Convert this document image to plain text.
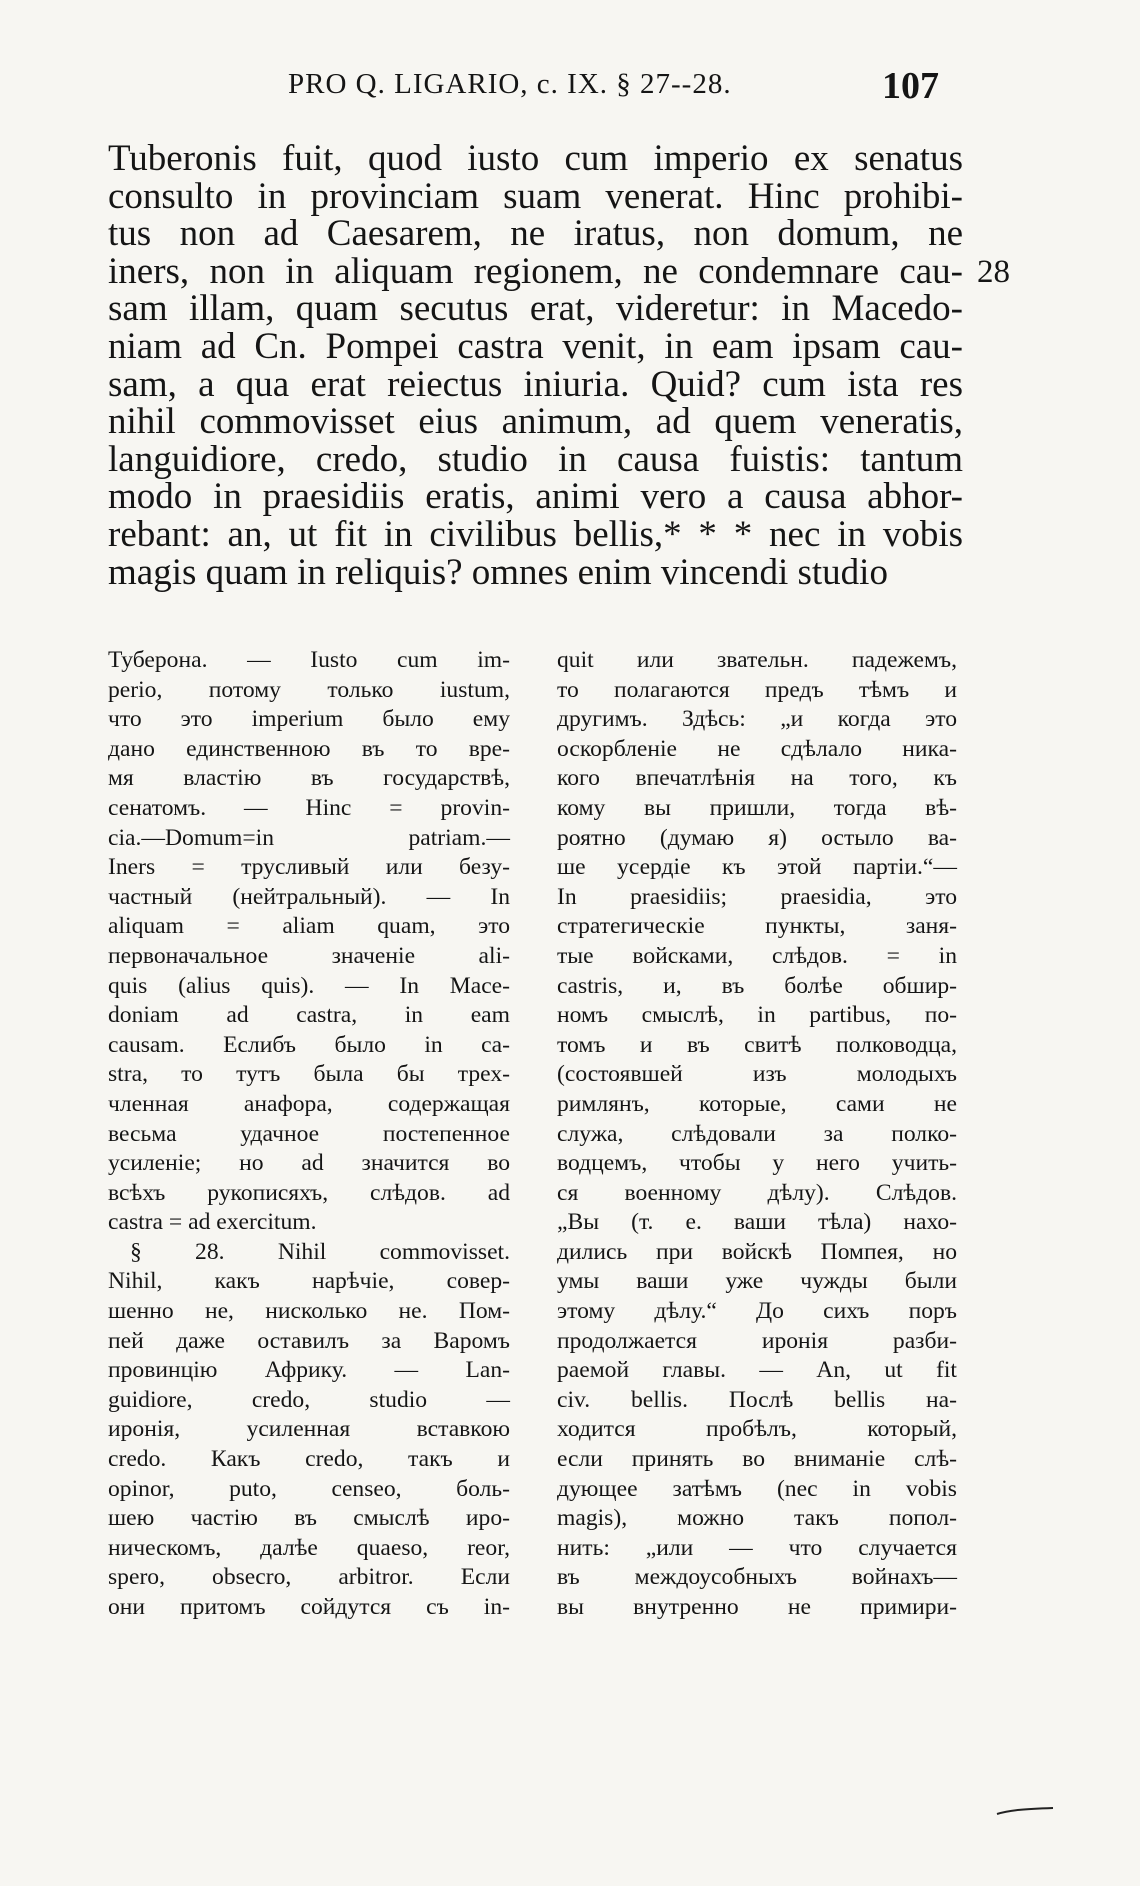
PRO Q. LIGARIO, c. IX. § 27--28.	107
Tuberonis fuit, quod iusto cum imperio ex senatus
consulto in provinciam suam venerat. Hinc prohibi-
tus non ad Caesarem, ne iratus, non domum, ne
iners, non in aliquam regionem, ne condemnare cau-
sam illam, quam secutus erat, videretur: in Macedo-
niam ad Cn. Pompei castra venit, in eam ipsam cau-
sam, a qua erat reiectus iniuria. Quid? cum ista res
nihil commovisset eius animum, ad quem veneratis,
languidiore, credo, studio in causa fuistis: tantum
modo in praesidiis eratis, animi vero a causa abhor-
rebant: an, ut fit in civilibus bellis,* * * nec in vobis
magis quam in reliquis? omnes enim vincendi studio
28
Туберона. — Iusto cum im-
perio, потому только iustum,
что это imperium было ему
дано единственною въ то вре-
мя властію въ государствѣ,
сенатомъ. — Hinc = provin-
cia.—Domum=in patriam.—
Iners = трусливый или безу-
частный (нейтральный). — In
aliquam = aliam quam, это
первоначальное значеніе ali-
quis (alius quis). — In Mace-
doniam ad castra, in eam
causam. Еслибъ было in ca-
stra, то тутъ была бы трех-
членная анафора, содержащая
весьма удачное постепенное
усиленіе; но ad значится во
всѣхъ рукописяхъ, слѣдов. ad
castra = ad exercitum.
§ 28. Nihil commovisset.
Nihil, какъ нарѣчіе, совер-
шенно не, нисколько не. Пом-
пей даже оставилъ за Варомъ
провинцію Африку. — Lan-
guidiore, credo, studio —
иронія, усиленная вставкою
credo. Какъ credo, такъ и
opinor, puto, censeo, боль-
шею частію въ смыслѣ иро-
ническомъ, далѣе quaeso, reor,
spero, obsecro, arbitror. Если
они притомъ сойдутся съ in-
quit или звательн. падежемъ,
то полагаются предъ тѣмъ и
другимъ. Здѣсь: „и когда это
оскорбленіе не сдѣлало ника-
кого впечатлѣнія на того, къ
кому вы пришли, тогда вѣ-
роятно (думаю я) остыло ва-
ше усердіе къ этой партіи.“—
In praesidiis; praesidia, это
стратегическіе пункты, заня-
тые войсками, слѣдов. = in
castris, и, въ болѣе обшир-
номъ смыслѣ, in partibus, по-
томъ и въ свитѣ полководца,
(состоявшей изъ молодыхъ
римлянъ, которые, сами не
служа, слѣдовали за полко-
водцемъ, чтобы у него учить-
ся военному дѣлу). Слѣдов.
„Вы (т. е. ваши тѣла) нахо-
дились при войскѣ Помпея, но
умы ваши уже чужды были
этому дѣлу.“ До сихъ поръ
продолжается иронія разби-
раемой главы. — An, ut fit
civ. bellis. Послѣ bellis на-
ходится пробѣлъ, который,
если принять во вниманіе слѣ-
дующее затѣмъ (nec in vobis
magis), можно такъ попол-
нить: „или — что случается
въ междоусобныхъ войнахъ—
вы внутренно не примири-
